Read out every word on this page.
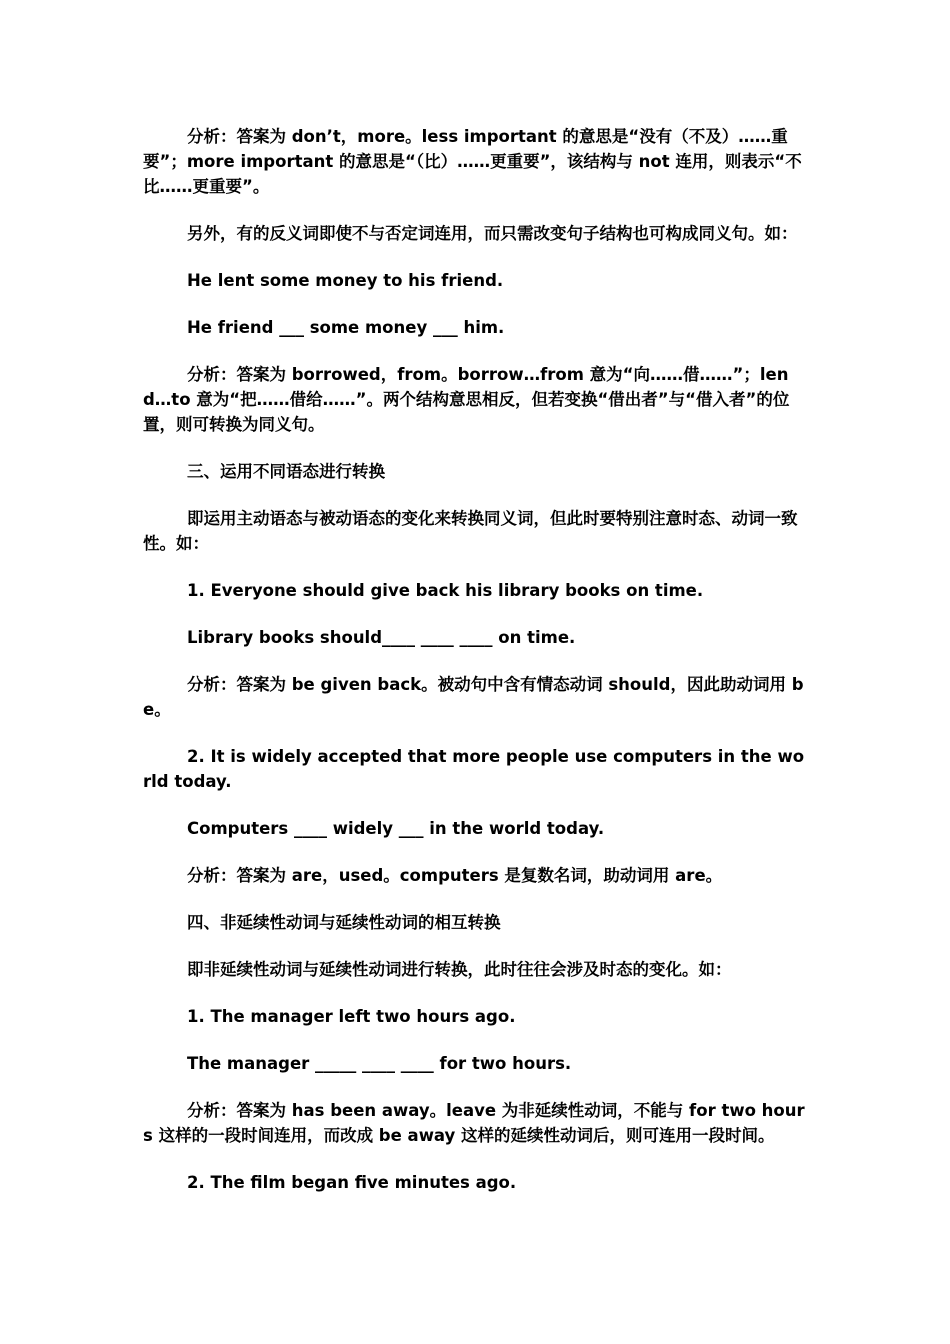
分析：答案为 don’t，more。less important 的意思是“没有（不及）……重要”；more important 的意思是“（比）……更重要”，该结构与 not 连用，则表示“不比……更重要”。

另外，有的反义词即使不与否定词连用，而只需改变句子结构也可构成同义句。如：

He lent some money to his friend.

He friend ___ some money ___ him.

分析：答案为 borrowed，from。borrow…from 意为“向……借……”；lend…to 意为“把……借给……”。两个结构意思相反，但若变换“借出者”与“借入者”的位置，则可转换为同义句。

三、运用不同语态进行转换

即运用主动语态与被动语态的变化来转换同义词，但此时要特别注意时态、动词一致性。如：

1. Everyone should give back his library books on time.

Library books should____ ____ ____ on time.

分析：答案为 be given back。被动句中含有情态动词 should，因此助动词用 be。

2. It is widely accepted that more people use computers in the world today.

Computers ____ widely ___ in the world today.

分析：答案为 are，used。computers 是复数名词，助动词用 are。

四、非延续性动词与延续性动词的相互转换

即非延续性动词与延续性动词进行转换，此时往往会涉及时态的变化。如：

1. The manager left two hours ago.

The manager _____ ____ ____ for two hours.

分析：答案为 has been away。leave 为非延续性动词，不能与 for two hours 这样的一段时间连用，而改成 be away 这样的延续性动词后，则可连用一段时间。

2. The film began five minutes ago.
